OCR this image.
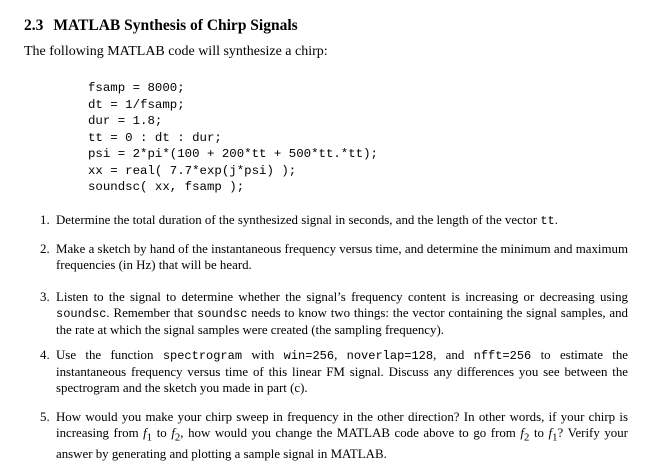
2.3 MATLAB Synthesis of Chirp Signals
The following MATLAB code will synthesize a chirp:
fsamp = 8000;
dt = 1/fsamp;
dur = 1.8;
tt = 0 : dt : dur;
psi = 2*pi*(100 + 200*tt + 500*tt.*tt);
xx = real( 7.7*exp(j*psi) );
soundsc( xx, fsamp );
1. Determine the total duration of the synthesized signal in seconds, and the length of the vector tt.
2. Make a sketch by hand of the instantaneous frequency versus time, and determine the minimum and maximum frequencies (in Hz) that will be heard.
3. Listen to the signal to determine whether the signal’s frequency content is increasing or decreasing using soundsc. Remember that soundsc needs to know two things: the vector containing the signal samples, and the rate at which the signal samples were created (the sampling frequency).
4. Use the function spectrogram with win=256, noverlap=128, and nfft=256 to estimate the instantaneous frequency versus time of this linear FM signal. Discuss any differences you see between the spectrogram and the sketch you made in part (c).
5. How would you make your chirp sweep in frequency in the other direction? In other words, if your chirp is increasing from $f_1$ to $f_2$, how would you change the MATLAB code above to go from $f_2$ to $f_1$? Verify your answer by generating and plotting a sample signal in MATLAB.
